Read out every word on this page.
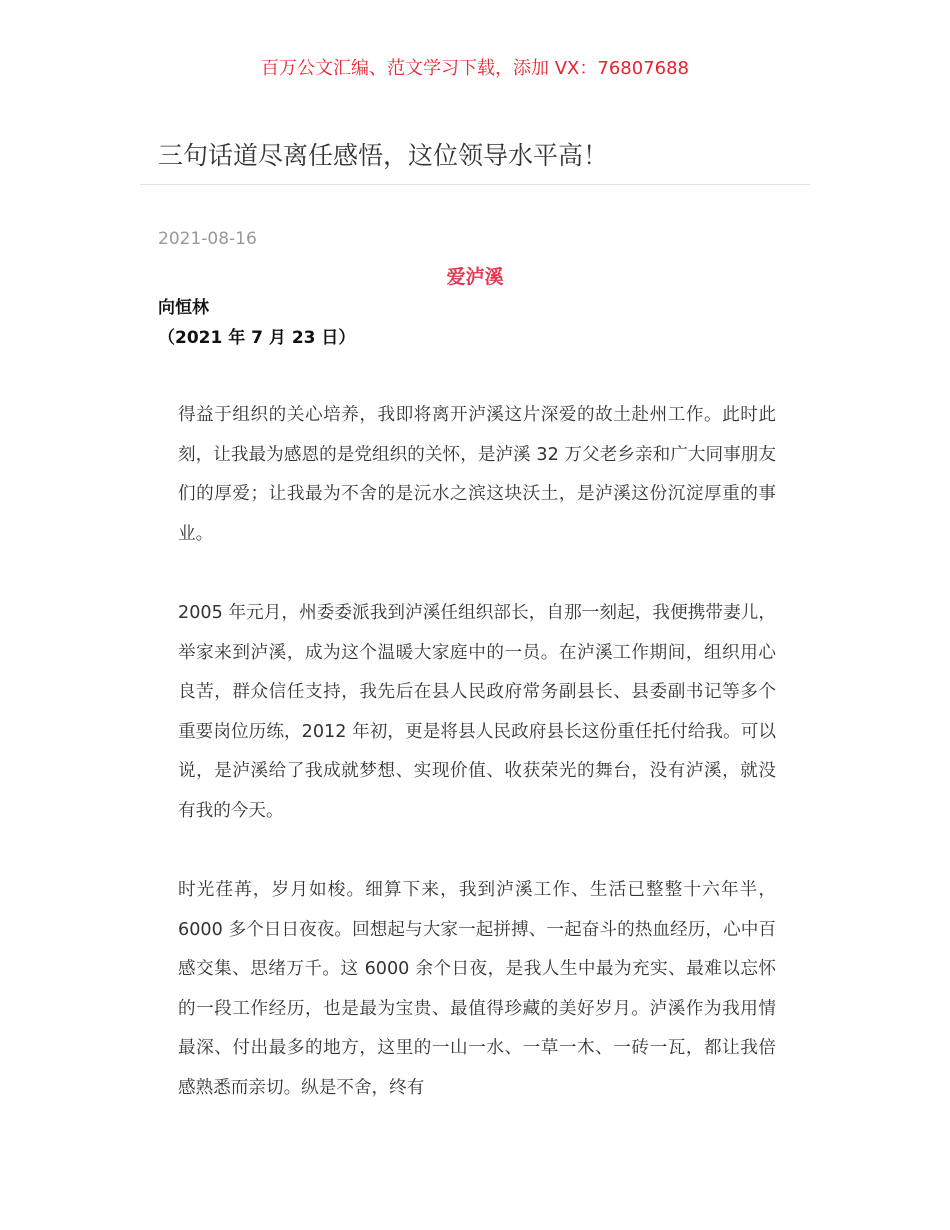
百万公文汇编、范文学习下载，添加 VX：76807688
三句话道尽离任感悟，这位领导水平高！
2021-08-16
爱泸溪
向恒林
（2021 年 7 月 23 日）

得益于组织的关心培养，我即将离开泸溪这片深爱的故土赴州工作。此时此刻，让我最为感恩的是党组织的关怀，是泸溪 32 万父老乡亲和广大同事朋友们的厚爱；让我最为不舍的是沅水之滨这块沃土，是泸溪这份沉淀厚重的事业。

2005 年元月，州委委派我到泸溪任组织部长，自那一刻起，我便携带妻儿，举家来到泸溪，成为这个温暖大家庭中的一员。在泸溪工作期间，组织用心良苦，群众信任支持，我先后在县人民政府常务副县长、县委副书记等多个重要岗位历练，2012 年初，更是将县人民政府县长这份重任托付给我。可以说，是泸溪给了我成就梦想、实现价值、收获荣光的舞台，没有泸溪，就没有我的今天。

时光荏苒，岁月如梭。细算下来，我到泸溪工作、生活已整整十六年半，6000 多个日日夜夜。回想起与大家一起拼搏、一起奋斗的热血经历，心中百感交集、思绪万千。这 6000 余个日夜，是我人生中最为充实、最难以忘怀的一段工作经历，也是最为宝贵、最值得珍藏的美好岁月。泸溪作为我用情最深、付出最多的地方，这里的一山一水、一草一木、一砖一瓦，都让我倍感熟悉而亲切。纵是不舍，终有
